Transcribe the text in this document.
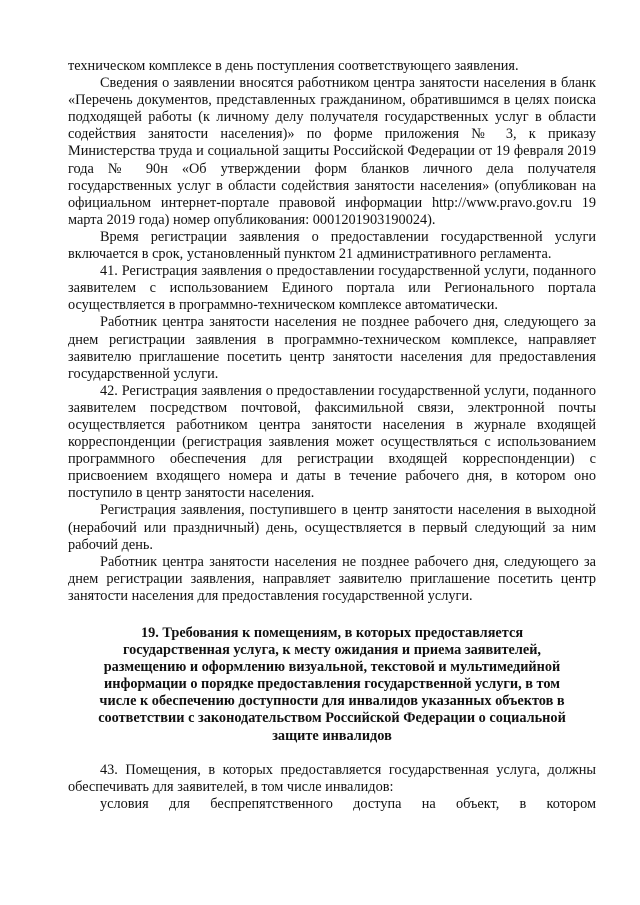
техническом комплексе в день поступления соответствующего заявления.

Сведения о заявлении вносятся работником центра занятости населения в бланк «Перечень документов, представленных гражданином, обратившимся в целях поиска подходящей работы (к личному делу получателя государственных услуг в области содействия занятости населения)» по форме приложения № 3, к приказу Министерства труда и социальной защиты Российской Федерации от 19 февраля 2019 года № 90н «Об утверждении форм бланков личного дела получателя государственных услуг в области содействия занятости населения» (опубликован на официальном интернет-портале правовой информации http://www.pravo.gov.ru 19 марта 2019 года) номер опубликования: 0001201903190024).

Время регистрации заявления о предоставлении государственной услуги включается в срок, установленный пунктом 21 административного регламента.

41. Регистрация заявления о предоставлении государственной услуги, поданного заявителем с использованием Единого портала или Регионального портала осуществляется в программно-техническом комплексе автоматически.

Работник центра занятости населения не позднее рабочего дня, следующего за днем регистрации заявления в программно-техническом комплексе, направляет заявителю приглашение посетить центр занятости населения для предоставления государственной услуги.

42. Регистрация заявления о предоставлении государственной услуги, поданного заявителем посредством почтовой, факсимильной связи, электронной почты осуществляется работником центра занятости населения в журнале входящей корреспонденции (регистрация заявления может осуществляться с использованием программного обеспечения для регистрации входящей корреспонденции) с присвоением входящего номера и даты в течение рабочего дня, в котором оно поступило в центр занятости населения.

Регистрация заявления, поступившего в центр занятости населения в выходной (нерабочий или праздничный) день, осуществляется в первый следующий за ним рабочий день.

Работник центра занятости населения не позднее рабочего дня, следующего за днем регистрации заявления, направляет заявителю приглашение посетить центр занятости населения для предоставления государственной услуги.

19. Требования к помещениям, в которых предоставляется государственная услуга, к месту ожидания и приема заявителей, размещению и оформлению визуальной, текстовой и мультимедийной информации о порядке предоставления государственной услуги, в том числе к обеспечению доступности для инвалидов указанных объектов в соответствии с законодательством Российской Федерации о социальной защите инвалидов

43. Помещения, в которых предоставляется государственная услуга, должны обеспечивать для заявителей, в том числе инвалидов:

условия для беспрепятственного доступа на объект, в котором
